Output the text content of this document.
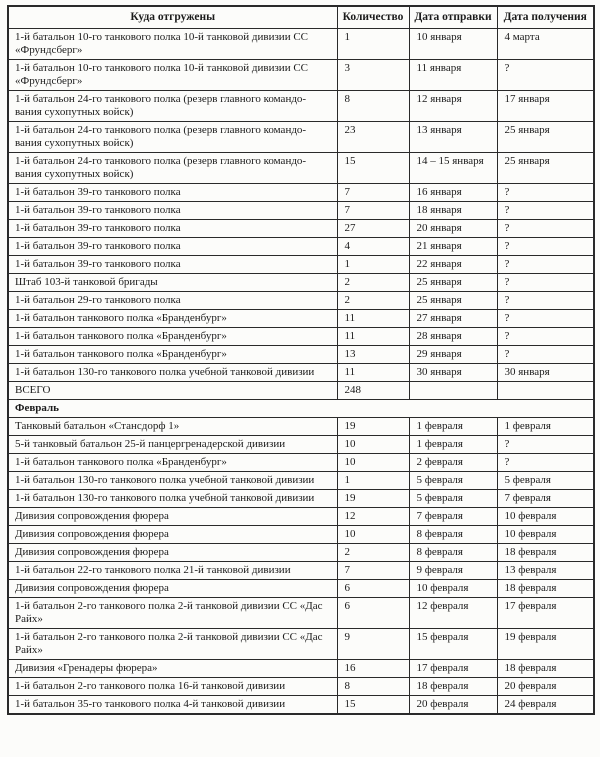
Куда отгружены	Количество	Дата отправки	Дата получения
1-й батальон 10-го танкового полка 10-й танковой дивизии СС «Фрундсберг»	1	10 января	4 марта
1-й батальон 10-го танкового полка 10-й танковой дивизии СС «Фрундсберг»	3	11 января	?
1-й батальон 24-го танкового полка (резерв главного командо-вания сухопутных войск)	8	12 января	17 января
1-й батальон 24-го танкового полка (резерв главного командо-вания сухопутных войск)	23	13 января	25 января
1-й батальон 24-го танкового полка (резерв главного командо-вания сухопутных войск)	15	14 – 15 января	25 января
1-й батальон 39-го танкового полка	7	16 января	?
1-й батальон 39-го танкового полка	7	18 января	?
1-й батальон 39-го танкового полка	27	20 января	?
1-й батальон 39-го танкового полка	4	21 января	?
1-й батальон 39-го танкового полка	1	22 января	?
Штаб 103-й танковой бригады	2	25 января	?
1-й батальон 29-го танкового полка	2	25 января	?
1-й батальон танкового полка «Бранденбург»	11	27 января	?
1-й батальон танкового полка «Бранденбург»	11	28 января	?
1-й батальон танкового полка «Бранденбург»	13	29 января	?
1-й батальон 130-го танкового полка учебной танковой дивизии	11	30 января	30 января
ВСЕГО	248		
Февраль			
Танковый батальон «Стансдорф 1»	19	1 февраля	1 февраля
5-й танковый батальон 25-й панцергренадерской дивизии	10	1 февраля	?
1-й батальон танкового полка «Бранденбург»	10	2 февраля	?
1-й батальон 130-го танкового полка учебной танковой дивизии	1	5 февраля	5 февраля
1-й батальон 130-го танкового полка учебной танковой дивизии	19	5 февраля	7 февраля
Дивизия сопровождения фюрера	12	7 февраля	10 февраля
Дивизия сопровождения фюрера	10	8 февраля	10 февраля
Дивизия сопровождения фюрера	2	8 февраля	18 февраля
1-й батальон 22-го танкового полка 21-й танковой дивизии	7	9 февраля	13 февраля
Дивизия сопровождения фюрера	6	10 февраля	18 февраля
1-й батальон 2-го танкового полка 2-й танковой дивизии СС «Дас Райх»	6	12 февраля	17 февраля
1-й батальон 2-го танкового полка 2-й танковой дивизии СС «Дас Райх»	9	15 февраля	19 февраля
Дивизия «Гренадеры фюрера»	16	17 февраля	18 февраля
1-й батальон 2-го танкового полка 16-й танковой дивизии	8	18 февраля	20 февраля
1-й батальон 35-го танкового полка 4-й танковой дивизии	15	20 февраля	24 февраля
